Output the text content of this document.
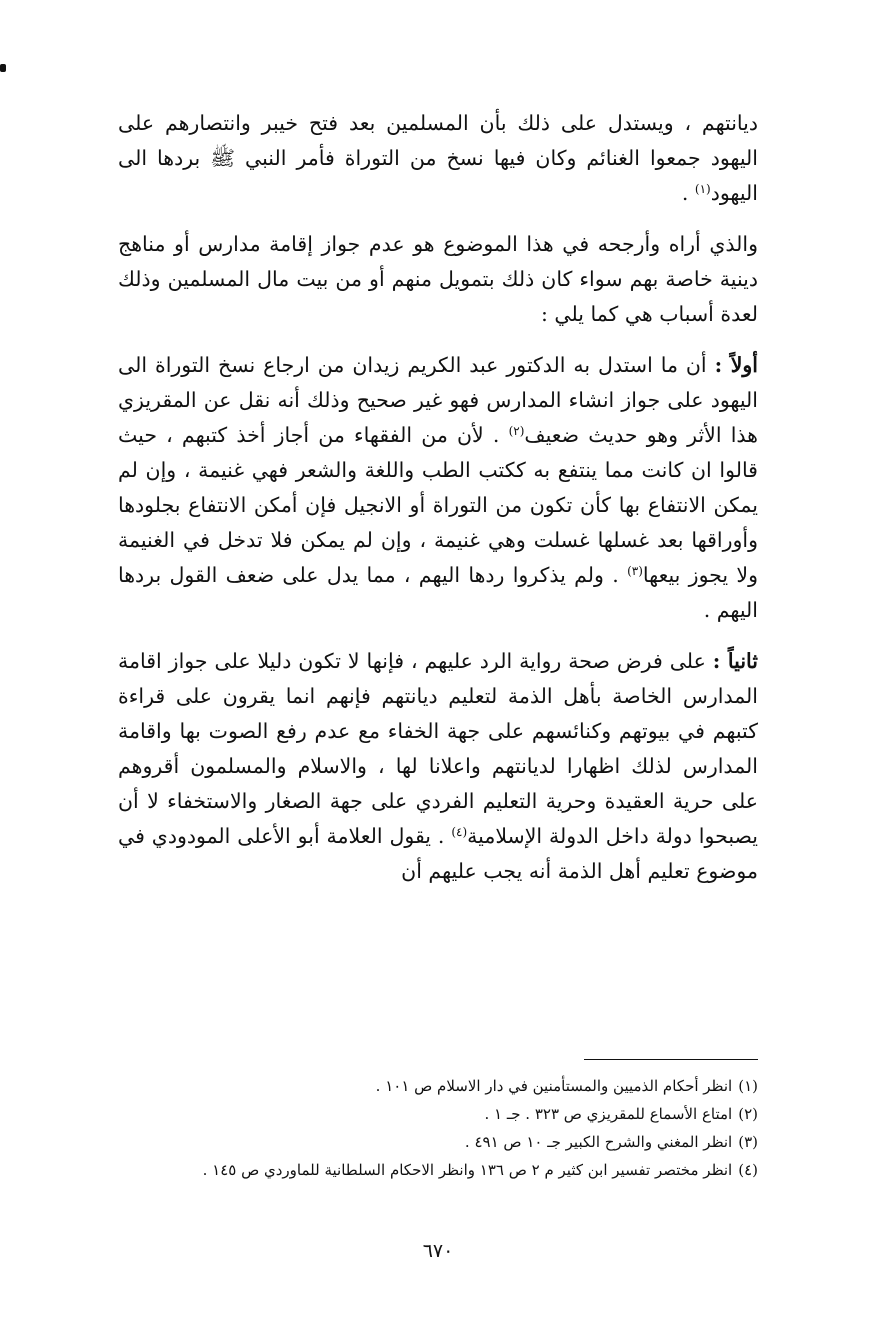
ديانتهم ، ويستدل على ذلك بأن المسلمين بعد فتح خيبر وانتصارهم على اليهود جمعوا الغنائم وكان فيها نسخ من التوراة فأمر النبي ﷺ بردها الى اليهود$^{(١)}$ .

والذي أراه وأرجحه في هذا الموضوع هو عدم جواز إقامة مدارس أو مناهج دينية خاصة بهم سواء كان ذلك بتمويل منهم أو من بيت مال المسلمين وذلك لعدة أسباب هي كما يلي :

أولاً : أن ما استدل به الدكتور عبد الكريم زيدان من ارجاع نسخ التوراة الى اليهود على جواز انشاء المدارس فهو غير صحيح وذلك أنه نقل عن المقريزي هذا الأثر وهو حديث ضعيف$^{(٢)}$ . لأن من الفقهاء من أجاز أخذ كتبهم ، حيث قالوا ان كانت مما ينتفع به ككتب الطب واللغة والشعر فهي غنيمة ، وإن لم يمكن الانتفاع بها كأن تكون من التوراة أو الانجيل فإن أمكن الانتفاع بجلودها وأوراقها بعد غسلها غسلت وهي غنيمة ، وإن لم يمكن فلا تدخل في الغنيمة ولا يجوز بيعها$^{(٣)}$ . ولم يذكروا ردها اليهم ، مما يدل على ضعف القول بردها اليهم .

ثانياً : على فرض صحة رواية الرد عليهم ، فإنها لا تكون دليلا على جواز اقامة المدارس الخاصة بأهل الذمة لتعليم ديانتهم فإنهم انما يقرون على قراءة كتبهم في بيوتهم وكنائسهم على جهة الخفاء مع عدم رفع الصوت بها واقامة المدارس لذلك اظهارا لديانتهم واعلانا لها ، والاسلام والمسلمون أقروهم على حرية العقيدة وحرية التعليم الفردي على جهة الصغار والاستخفاء لا أن يصبحوا دولة داخل الدولة الإسلامية$^{(٤)}$ . يقول العلامة أبو الأعلى المودودي في موضوع تعليم أهل الذمة أنه يجب عليهم أن

(١)انظر أحكام الذميين والمستأمنين في دار الاسلام ص ١٠١ .

(٢)امتاع الأسماع للمقريزي ص ٣٢٣ . جـ ١ .

(٣)انظر المغني والشرح الكبير جـ ١٠ ص ٤٩١ .

(٤)انظر مختصر تفسير ابن كثير م ٢ ص ١٣٦ وانظر الاحكام السلطانية للماوردي ص ١٤٥ .

٦٧٠
